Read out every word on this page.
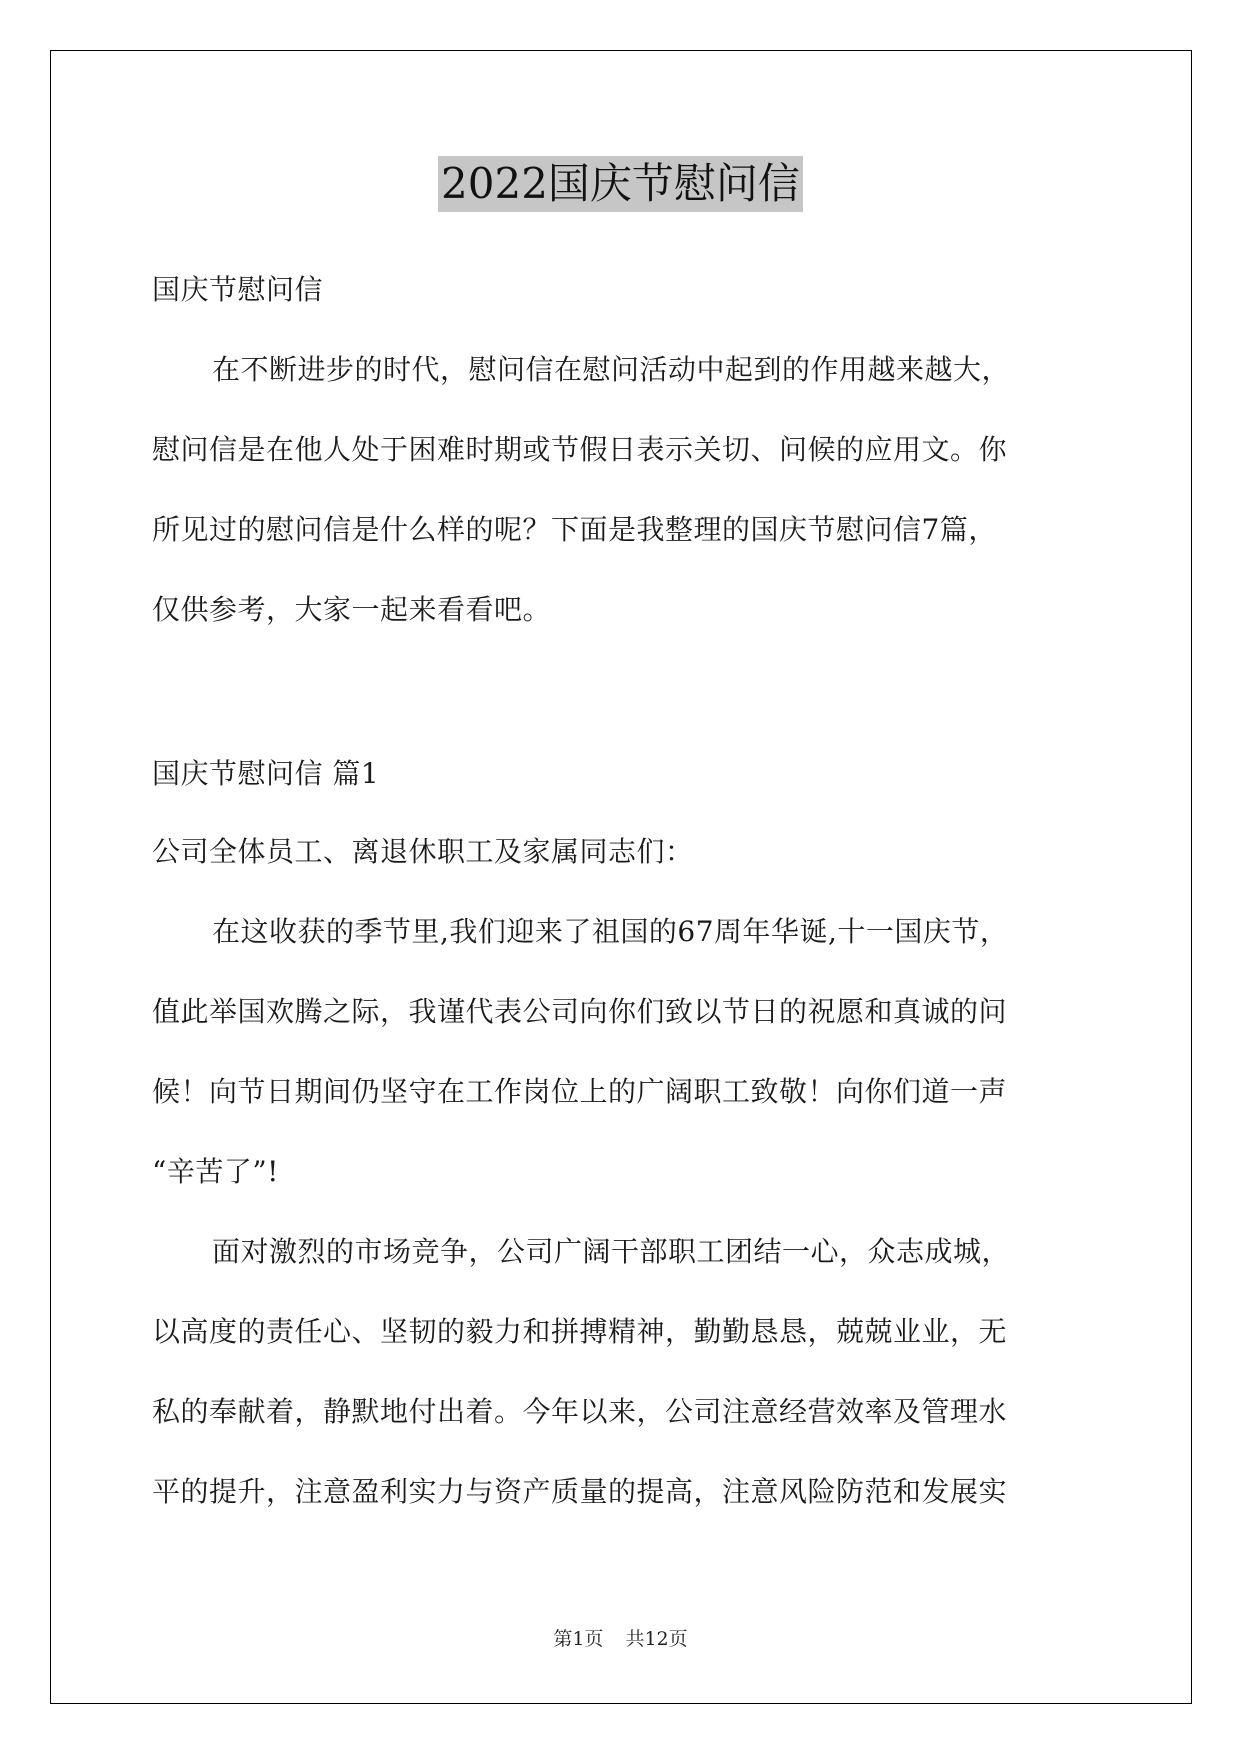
2022国庆节慰问信
国庆节慰问信
在不断进步的时代，慰问信在慰问活动中起到的作用越来越大，
慰问信是在他人处于困难时期或节假日表示关切、问候的应用文。你
所见过的慰问信是什么样的呢？下面是我整理的国庆节慰问信7篇，
仅供参考，大家一起来看看吧。
国庆节慰问信 篇1
公司全体员工、离退休职工及家属同志们：
在这收获的季节里,我们迎来了祖国的67周年华诞,十一国庆节，
值此举国欢腾之际，我谨代表公司向你们致以节日的祝愿和真诚的问
候！向节日期间仍坚守在工作岗位上的广阔职工致敬！向你们道一声
“辛苦了”!
面对激烈的市场竞争，公司广阔干部职工团结一心，众志成城，
以高度的责任心、坚韧的毅力和拼搏精神，勤勤恳恳，兢兢业业，无
私的奉献着，静默地付出着。今年以来，公司注意经营效率及管理水
平的提升，注意盈利实力与资产质量的提高，注意风险防范和发展实
第1页 共12页
